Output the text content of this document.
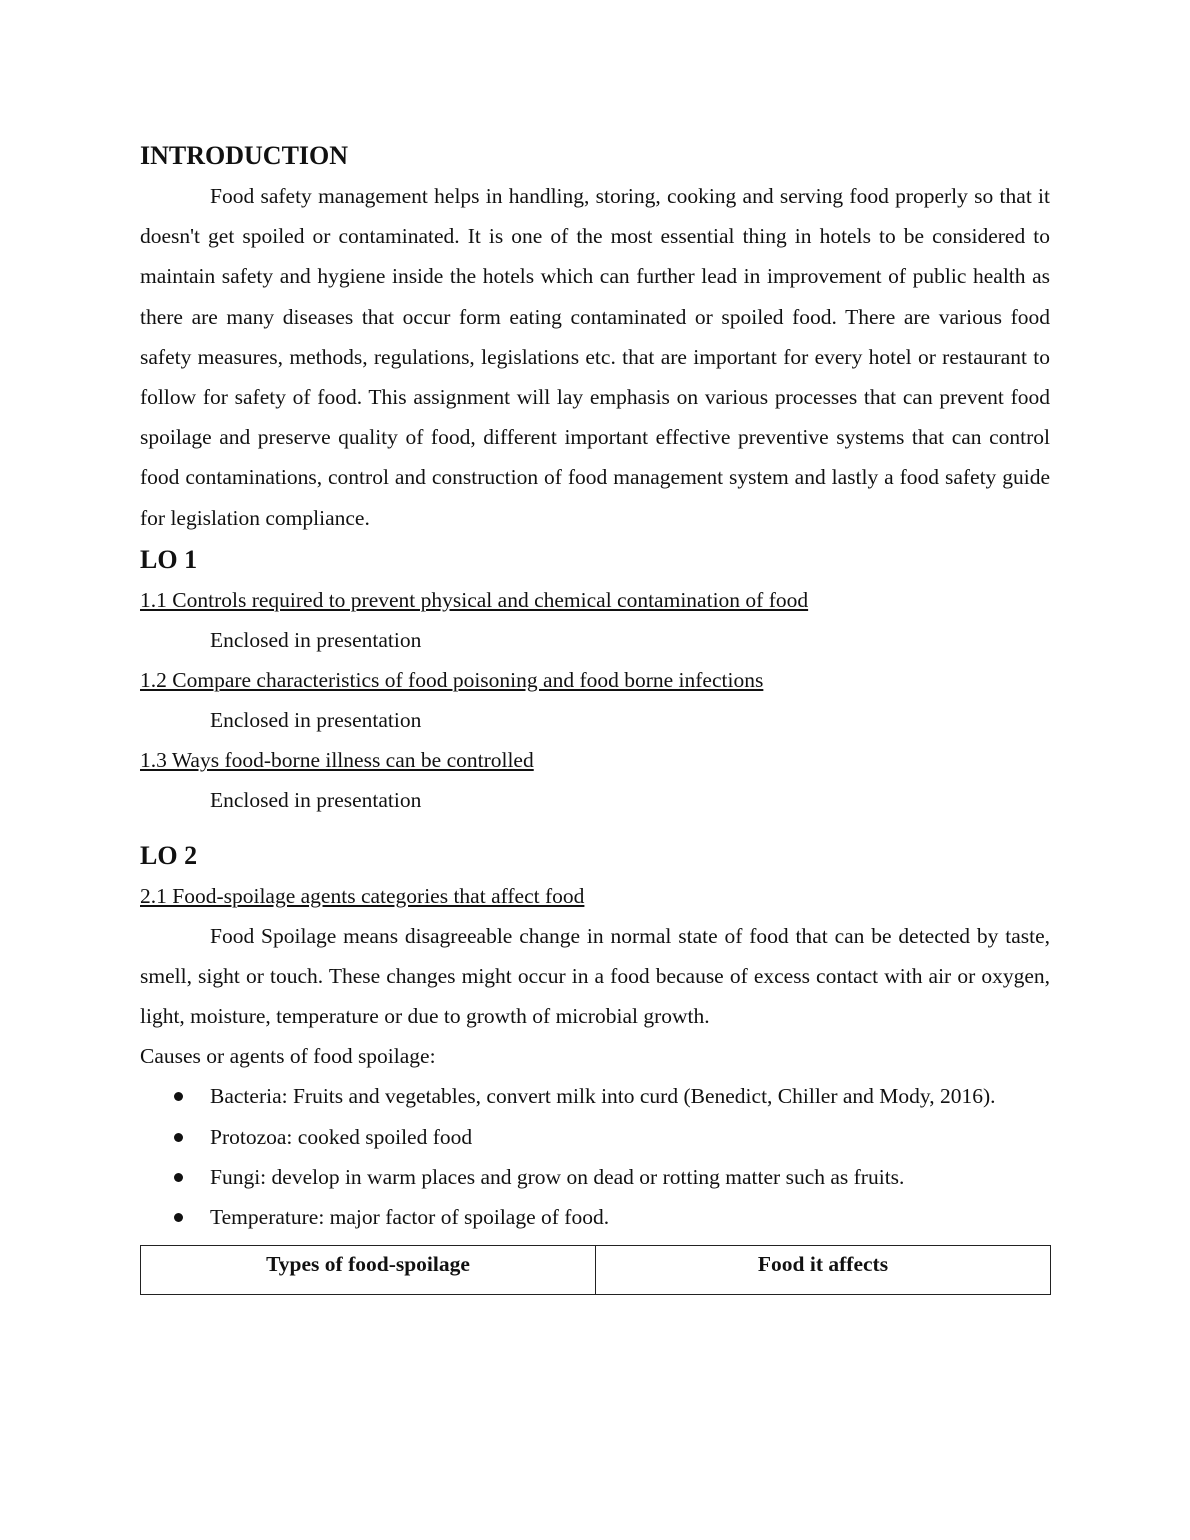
INTRODUCTION

Food safety management helps in handling, storing, cooking and serving food properly so that it doesn't get spoiled or contaminated. It is one of the most essential thing in hotels to be considered to maintain safety and hygiene inside the hotels which can further lead in improvement of public health as there are many diseases that occur form eating contaminated or spoiled food. There are various food safety measures, methods, regulations, legislations etc. that are important for every hotel or restaurant to follow for safety of food. This assignment will lay emphasis on various processes that can prevent food spoilage and preserve quality of food, different important effective preventive systems that can control food contaminations, control and construction of food management system and lastly a food safety guide for legislation compliance.

LO 1

1.1 Controls required to prevent physical and chemical contamination of food

Enclosed in presentation

1.2 Compare characteristics of food poisoning and food borne infections

Enclosed in presentation

1.3 Ways food-borne illness can be controlled

Enclosed in presentation

LO 2

2.1 Food-spoilage agents categories that affect food

Food Spoilage means disagreeable change in normal state of food that can be detected by taste, smell, sight or touch. These changes might occur in a food because of excess contact with air or oxygen, light, moisture, temperature or due to growth of microbial growth.

Causes or agents of food spoilage:

Bacteria: Fruits and vegetables, convert milk into curd (Benedict, Chiller and Mody, 2016).
Protozoa: cooked spoiled food
Fungi: develop in warm places and grow on dead or rotting matter such as fruits.
Temperature: major factor of spoilage of food.
Types of food-spoilage	Food it affects
